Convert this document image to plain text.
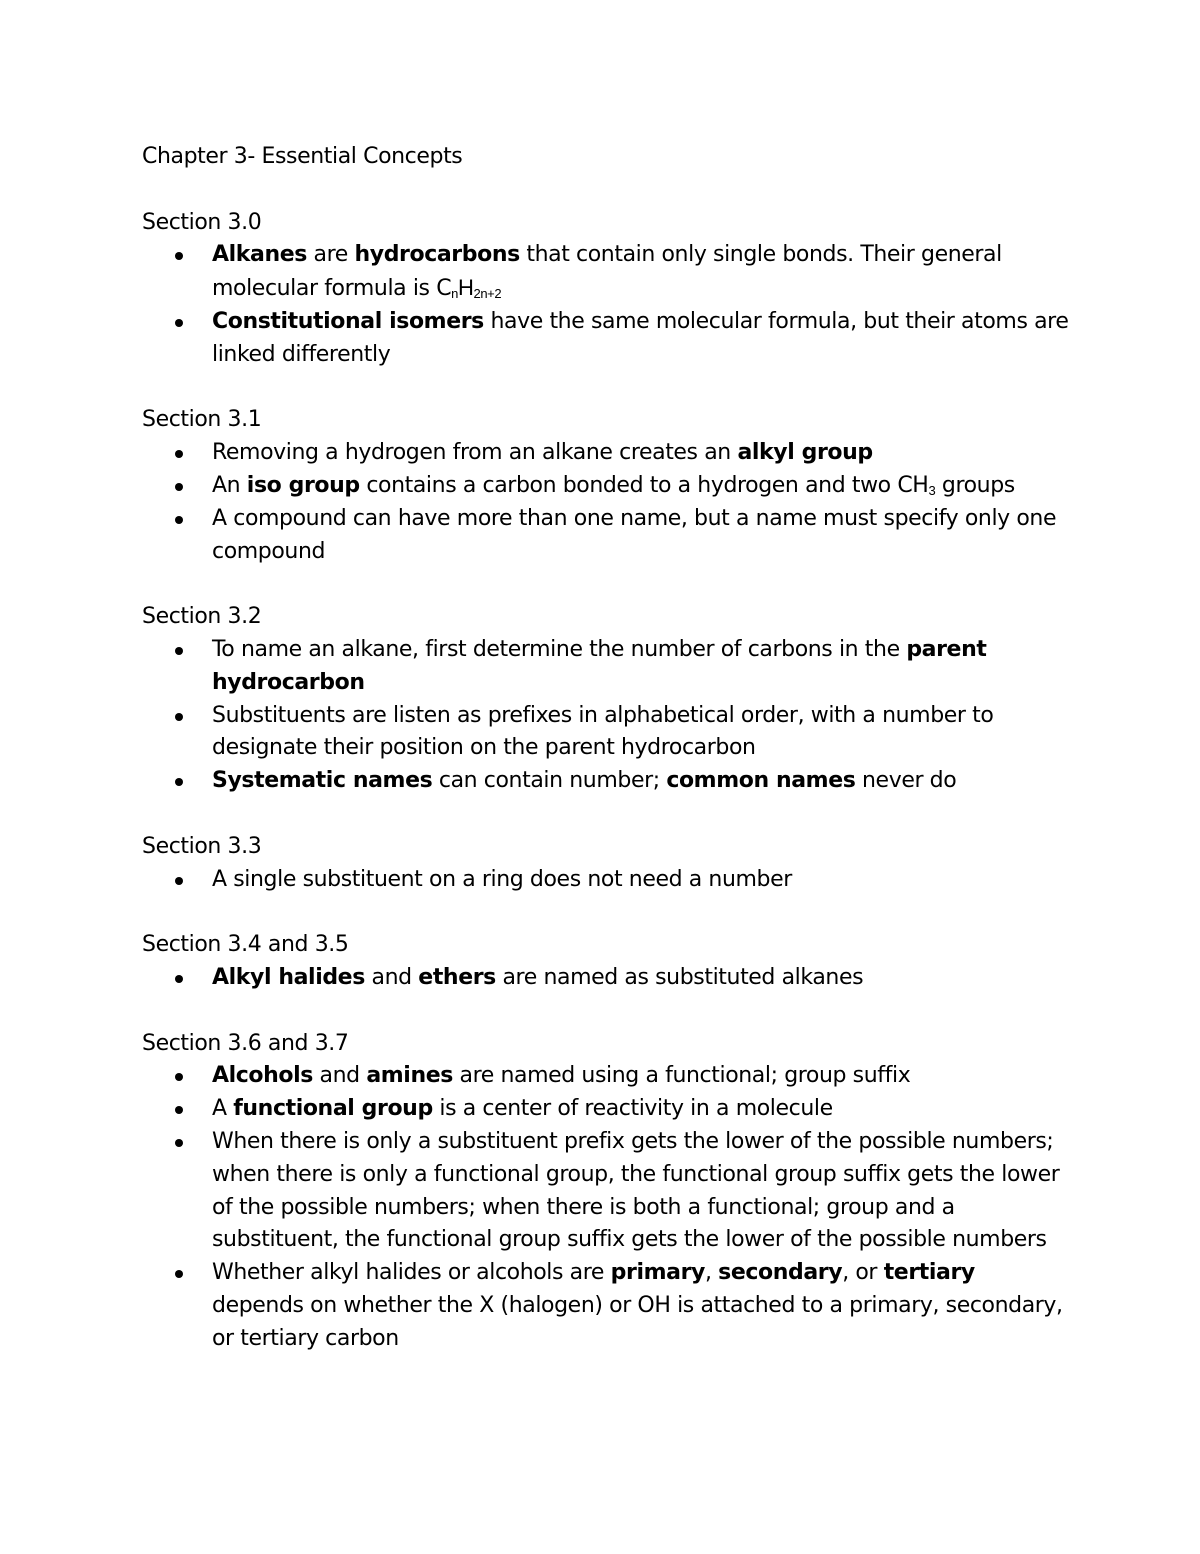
Chapter 3- Essential Concepts
Section 3.0
Alkanes are hydrocarbons that contain only single bonds. Their general molecular formula is $C_nH_{2n+2}$
Constitutional isomers have the same molecular formula, but their atoms are linked differently
Section 3.1
Removing a hydrogen from an alkane creates an alkyl group
An iso group contains a carbon bonded to a hydrogen and two $CH_3$ groups
A compound can have more than one name, but a name must specify only one compound
Section 3.2
To name an alkane, first determine the number of carbons in the parent hydrocarbon
Substituents are listen as prefixes in alphabetical order, with a number to designate their position on the parent hydrocarbon
Systematic names can contain number; common names never do
Section 3.3
A single substituent on a ring does not need a number
Section 3.4 and 3.5
Alkyl halides and ethers are named as substituted alkanes
Section 3.6 and 3.7
Alcohols and amines are named using a functional; group suffix
A functional group is a center of reactivity in a molecule
When there is only a substituent prefix gets the lower of the possible numbers; when there is only a functional group, the functional group suffix gets the lower of the possible numbers; when there is both a functional; group and a substituent, the functional group suffix gets the lower of the possible numbers
Whether alkyl halides or alcohols are primary, secondary, or tertiary depends on whether the X (halogen) or OH is attached to a primary, secondary, or tertiary carbon
